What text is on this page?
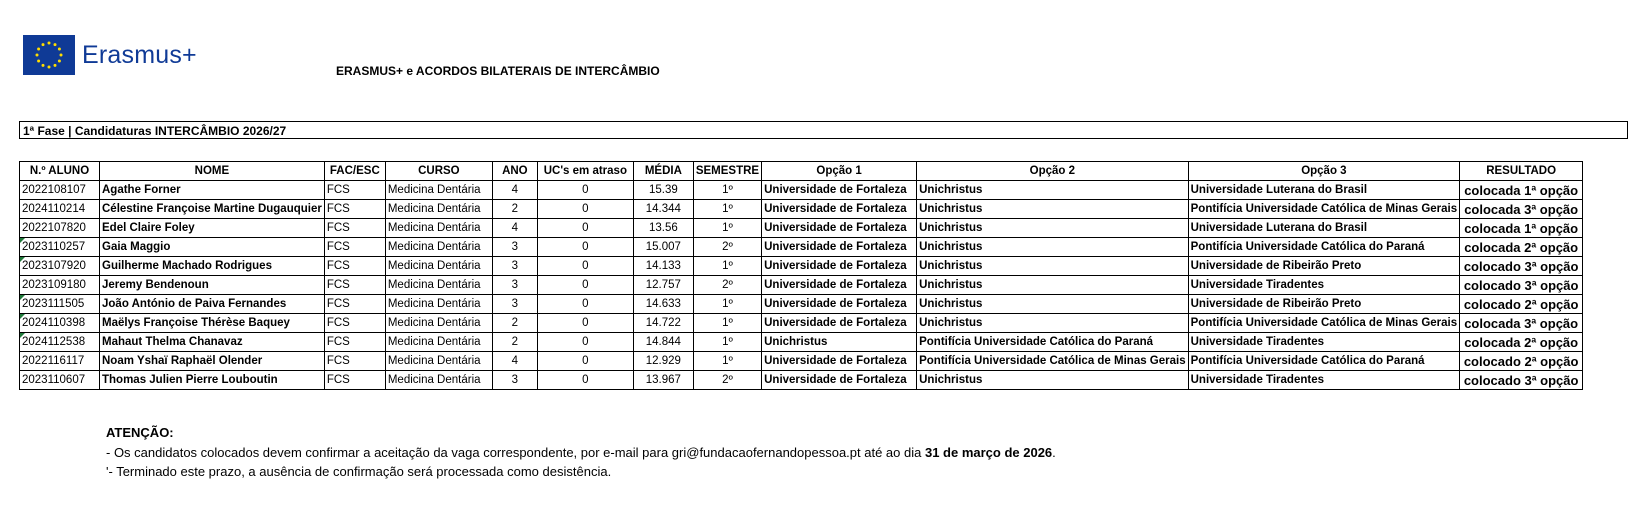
Erasmus+
ERASMUS+ e ACORDOS BILATERAIS DE INTERCÂMBIO
1ª Fase | Candidaturas INTERCÂMBIO 2026/27
N.º ALUNO	NOME	FAC/ESC	CURSO	ANO	UC's em atraso	MÉDIA	SEMESTRE	Opção 1	Opção 2	Opção 3	RESULTADO
2022108107	Agathe Forner	FCS	Medicina Dentária	4	0	15.39	1º	Universidade de Fortaleza	Unichristus	Universidade Luterana do Brasil	colocada 1ª opção
2024110214	Célestine Françoise Martine Dugauquier	FCS	Medicina Dentária	2	0	14.344	1º	Universidade de Fortaleza	Unichristus	Pontifícia Universidade Católica de Minas Gerais	colocada 3ª opção
2022107820	Edel Claire Foley	FCS	Medicina Dentária	4	0	13.56	1º	Universidade de Fortaleza	Unichristus	Universidade Luterana do Brasil	colocada 1ª opção
2023110257	Gaia Maggio	FCS	Medicina Dentária	3	0	15.007	2º	Universidade de Fortaleza	Unichristus	Pontifícia Universidade Católica do Paraná	colocada 2ª opção
2023107920	Guilherme Machado Rodrigues	FCS	Medicina Dentária	3	0	14.133	1º	Universidade de Fortaleza	Unichristus	Universidade de Ribeirão Preto	colocado 3ª opção
2023109180	Jeremy Bendenoun	FCS	Medicina Dentária	3	0	12.757	2º	Universidade de Fortaleza	Unichristus	Universidade Tiradentes	colocado 3ª opção
2023111505	João António de Paiva Fernandes	FCS	Medicina Dentária	3	0	14.633	1º	Universidade de Fortaleza	Unichristus	Universidade de Ribeirão Preto	colocado 2ª opção
2024110398	Maëlys Françoise Thérèse Baquey	FCS	Medicina Dentária	2	0	14.722	1º	Universidade de Fortaleza	Unichristus	Pontifícia Universidade Católica de Minas Gerais	colocada 3ª opção
2024112538	Mahaut Thelma Chanavaz	FCS	Medicina Dentária	2	0	14.844	1º	Unichristus	Pontifícia Universidade Católica do Paraná	Universidade Tiradentes	colocada 2ª opção
2022116117	Noam Yshaï Raphaël Olender	FCS	Medicina Dentária	4	0	12.929	1º	Universidade de Fortaleza	Pontifícia Universidade Católica de Minas Gerais	Pontifícia Universidade Católica do Paraná	colocado 2ª opção
2023110607	Thomas Julien Pierre Louboutin	FCS	Medicina Dentária	3	0	13.967	2º	Universidade de Fortaleza	Unichristus	Universidade Tiradentes	colocado 3ª opção
ATENÇÃO:
- Os candidatos colocados devem confirmar a aceitação da vaga correspondente, por e-mail para gri@fundacaofernandopessoa.pt até ao dia 31 de março de 2026.
'- Terminado este prazo, a ausência de confirmação será processada como desistência.
